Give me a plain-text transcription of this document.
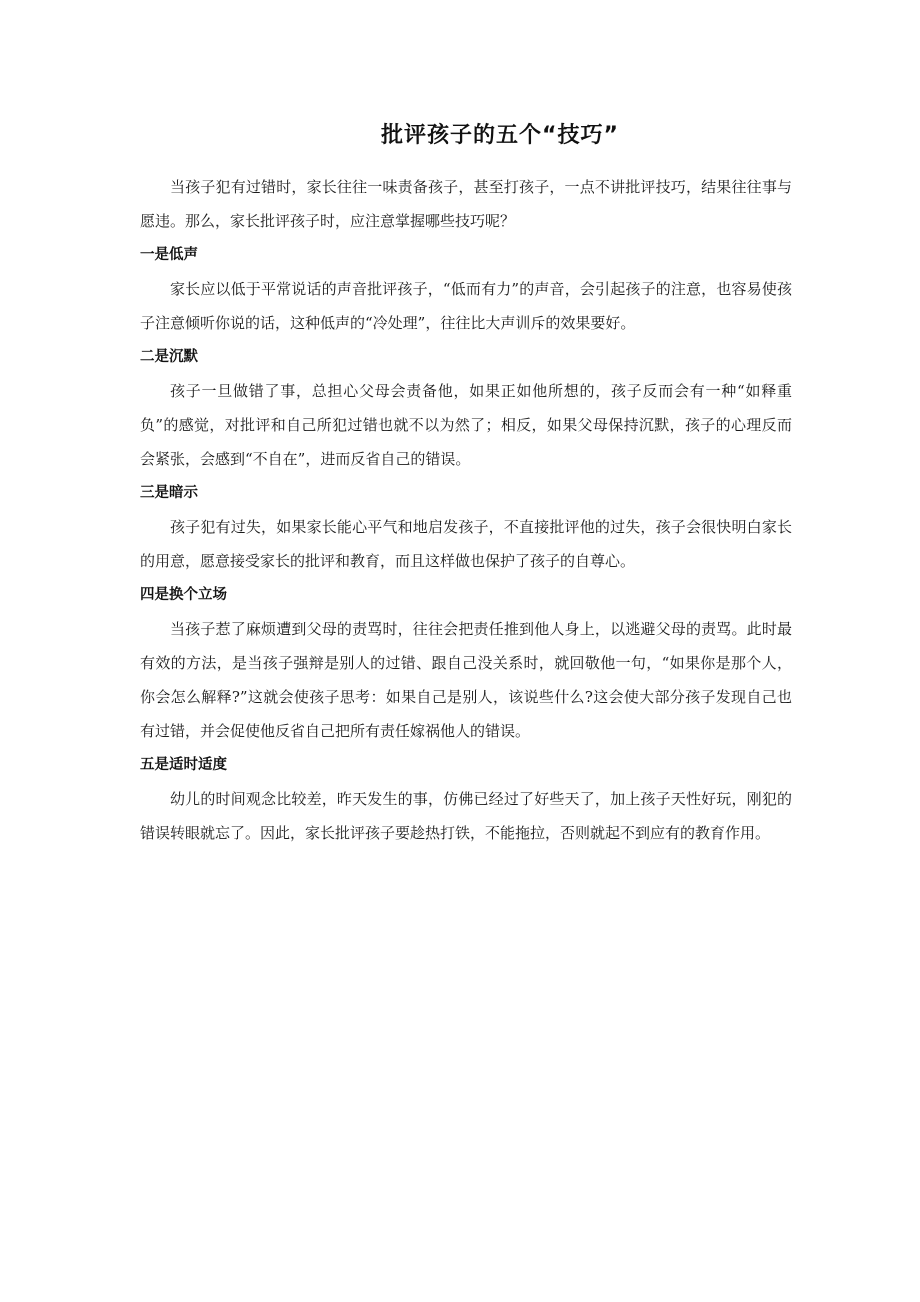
批评孩子的五个“技巧”

当孩子犯有过错时，家长往往一味责备孩子，甚至打孩子，一点不讲批评技巧，结果往往事与愿违。那么，家长批评孩子时，应注意掌握哪些技巧呢？

一是低声

家长应以低于平常说话的声音批评孩子，“低而有力”的声音，会引起孩子的注意，也容易使孩子注意倾听你说的话，这种低声的“冷处理”，往往比大声训斥的效果要好。

二是沉默

孩子一旦做错了事，总担心父母会责备他，如果正如他所想的，孩子反而会有一种“如释重负”的感觉，对批评和自己所犯过错也就不以为然了；相反，如果父母保持沉默，孩子的心理反而会紧张，会感到“不自在”，进而反省自己的错误。

三是暗示

孩子犯有过失，如果家长能心平气和地启发孩子，不直接批评他的过失，孩子会很快明白家长的用意，愿意接受家长的批评和教育，而且这样做也保护了孩子的自尊心。

四是换个立场

当孩子惹了麻烦遭到父母的责骂时，往往会把责任推到他人身上，以逃避父母的责骂。此时最有效的方法，是当孩子强辩是别人的过错、跟自己没关系时，就回敬他一句，“如果你是那个人，你会怎么解释?”这就会使孩子思考：如果自己是别人，该说些什么?这会使大部分孩子发现自己也有过错，并会促使他反省自己把所有责任嫁祸他人的错误。

五是适时适度

幼儿的时间观念比较差，昨天发生的事，仿佛已经过了好些天了，加上孩子天性好玩，刚犯的错误转眼就忘了。因此，家长批评孩子要趁热打铁，不能拖拉，否则就起不到应有的教育作用。
